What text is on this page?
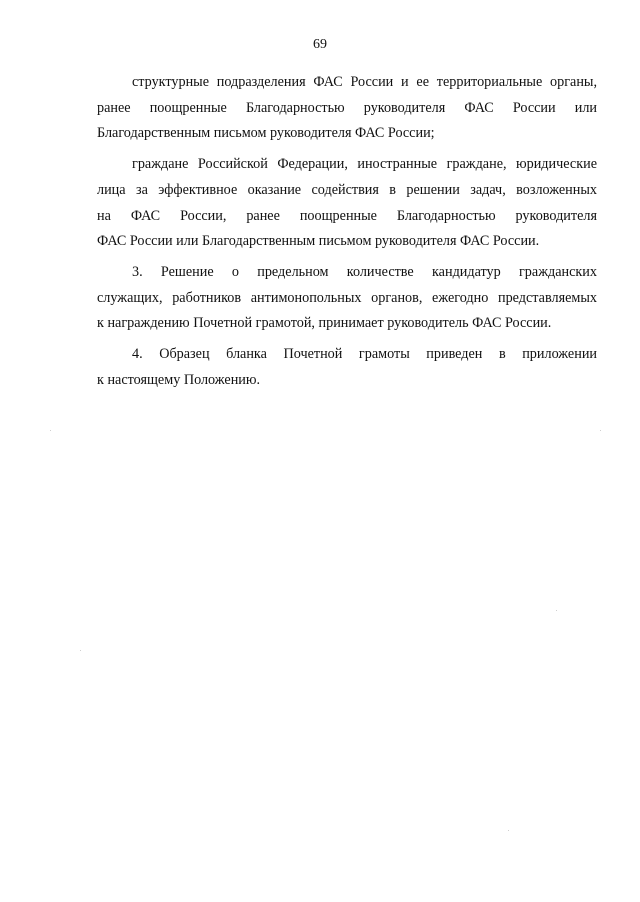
69

структурные подразделения ФАС России и ее территориальные органы,
ранее поощренные Благодарностью руководителя ФАС России или
Благодарственным письмом руководителя ФАС России;

граждане Российской Федерации, иностранные граждане, юридические
лица за эффективное оказание содействия в решении задач, возложенных
на ФАС России, ранее поощренные Благодарностью руководителя
ФАС России или Благодарственным письмом руководителя ФАС России.

3. Решение о предельном количестве кандидатур гражданских
служащих, работников антимонопольных органов, ежегодно представляемых
к награждению Почетной грамотой, принимает руководитель ФАС России.

4. Образец бланка Почетной грамоты приведен в приложении
к настоящему Положению.
